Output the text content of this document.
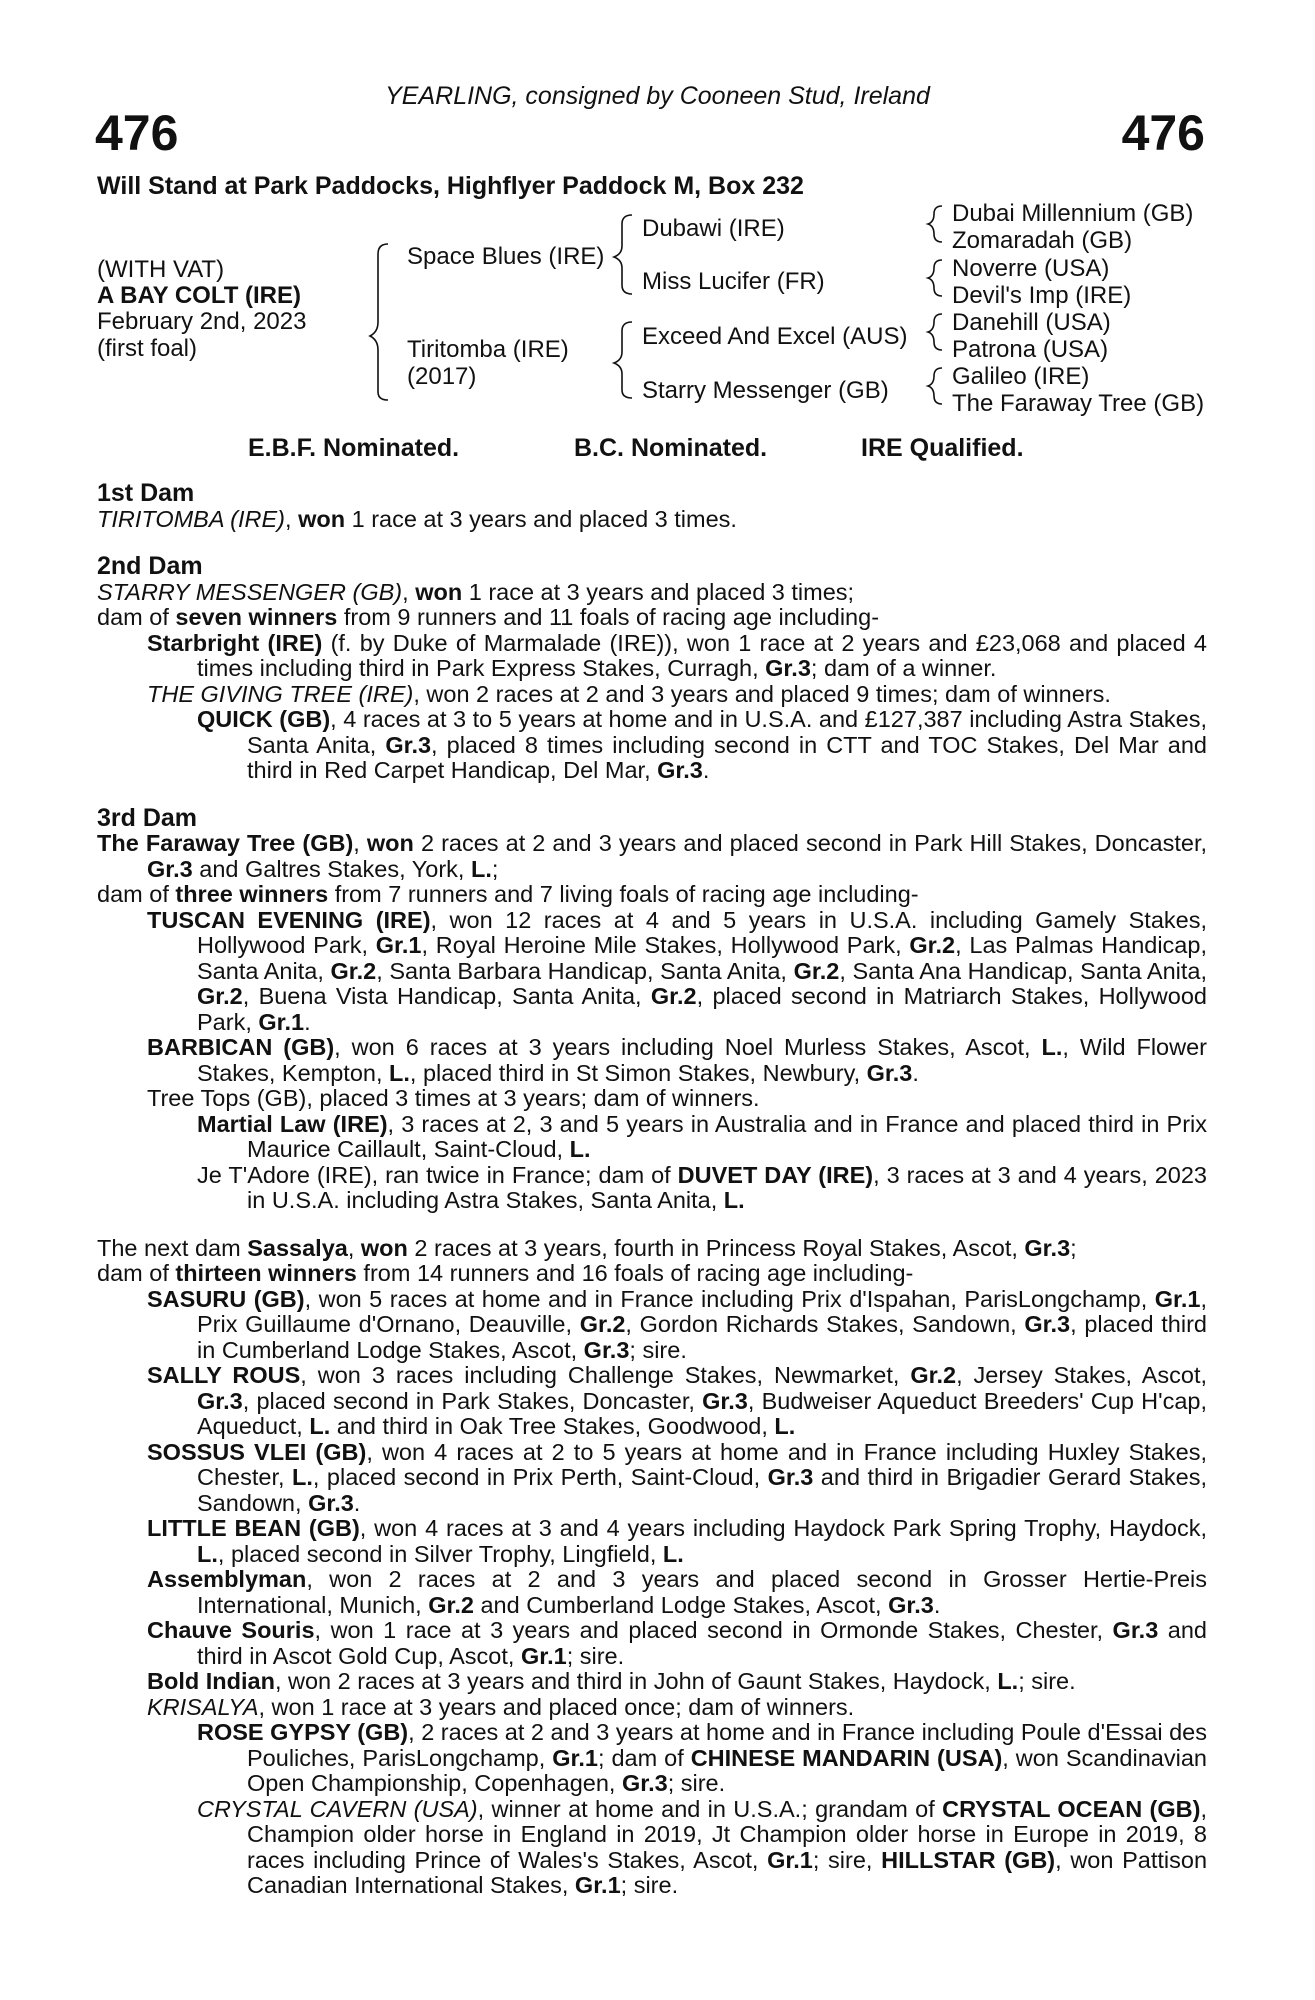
YEARLING, consigned by Cooneen Stud, Ireland
476	476
Will Stand at Park Paddocks, Highflyer Paddock M, Box 232
(WITH VAT)
A BAY COLT (IRE)
February 2nd, 2023
(first foal)
Space Blues (IRE)
Tiritomba (IRE)
(2017)
Dubawi (IRE)
Miss Lucifer (FR)
Exceed And Excel (AUS)
Starry Messenger (GB)
Dubai Millennium (GB)
Zomaradah (GB)
Noverre (USA)
Devil's Imp (IRE)
Danehill (USA)
Patrona (USA)
Galileo (IRE)
The Faraway Tree (GB)
E.B.F. Nominated.	B.C. Nominated.	IRE Qualified.

1st Dam

TIRITOMBA (IRE), won 1 race at 3 years and placed 3 times.

2nd Dam

STARRY MESSENGER (GB), won 1 race at 3 years and placed 3 times;

dam of seven winners from 9 runners and 11 foals of racing age including-

Starbright (IRE) (f. by Duke of Marmalade (IRE)), won 1 race at 2 years and £23,068 and placed 4 times including third in Park Express Stakes, Curragh, Gr.3; dam of a winner.

THE GIVING TREE (IRE), won 2 races at 2 and 3 years and placed 9 times; dam of winners.

QUICK (GB), 4 races at 3 to 5 years at home and in U.S.A. and £127,387 including Astra Stakes, Santa Anita, Gr.3, placed 8 times including second in CTT and TOC Stakes, Del Mar and third in Red Carpet Handicap, Del Mar, Gr.3.

3rd Dam

The Faraway Tree (GB), won 2 races at 2 and 3 years and placed second in Park Hill Stakes, Doncaster, Gr.3 and Galtres Stakes, York, L.;

dam of three winners from 7 runners and 7 living foals of racing age including-

TUSCAN EVENING (IRE), won 12 races at 4 and 5 years in U.S.A. including Gamely Stakes, Hollywood Park, Gr.1, Royal Heroine Mile Stakes, Hollywood Park, Gr.2, Las Palmas Handicap, Santa Anita, Gr.2, Santa Barbara Handicap, Santa Anita, Gr.2, Santa Ana Handicap, Santa Anita, Gr.2, Buena Vista Handicap, Santa Anita, Gr.2, placed second in Matriarch Stakes, Hollywood Park, Gr.1.

BARBICAN (GB), won 6 races at 3 years including Noel Murless Stakes, Ascot, L., Wild Flower Stakes, Kempton, L., placed third in St Simon Stakes, Newbury, Gr.3.

Tree Tops (GB), placed 3 times at 3 years; dam of winners.

Martial Law (IRE), 3 races at 2, 3 and 5 years in Australia and in France and placed third in Prix Maurice Caillault, Saint-Cloud, L.

Je T'Adore (IRE), ran twice in France; dam of DUVET DAY (IRE), 3 races at 3 and 4 years, 2023 in U.S.A. including Astra Stakes, Santa Anita, L.

The next dam Sassalya, won 2 races at 3 years, fourth in Princess Royal Stakes, Ascot, Gr.3;

dam of thirteen winners from 14 runners and 16 foals of racing age including-

SASURU (GB), won 5 races at home and in France including Prix d'Ispahan, ParisLongchamp, Gr.1, Prix Guillaume d'Ornano, Deauville, Gr.2, Gordon Richards Stakes, Sandown, Gr.3, placed third in Cumberland Lodge Stakes, Ascot, Gr.3; sire.

SALLY ROUS, won 3 races including Challenge Stakes, Newmarket, Gr.2, Jersey Stakes, Ascot, Gr.3, placed second in Park Stakes, Doncaster, Gr.3, Budweiser Aqueduct Breeders' Cup H'cap, Aqueduct, L. and third in Oak Tree Stakes, Goodwood, L.

SOSSUS VLEI (GB), won 4 races at 2 to 5 years at home and in France including Huxley Stakes, Chester, L., placed second in Prix Perth, Saint-Cloud, Gr.3 and third in Brigadier Gerard Stakes, Sandown, Gr.3.

LITTLE BEAN (GB), won 4 races at 3 and 4 years including Haydock Park Spring Trophy, Haydock, L., placed second in Silver Trophy, Lingfield, L.

Assemblyman, won 2 races at 2 and 3 years and placed second in Grosser Hertie-Preis International, Munich, Gr.2 and Cumberland Lodge Stakes, Ascot, Gr.3.

Chauve Souris, won 1 race at 3 years and placed second in Ormonde Stakes, Chester, Gr.3 and third in Ascot Gold Cup, Ascot, Gr.1; sire.

Bold Indian, won 2 races at 3 years and third in John of Gaunt Stakes, Haydock, L.; sire.

KRISALYA, won 1 race at 3 years and placed once; dam of winners.

ROSE GYPSY (GB), 2 races at 2 and 3 years at home and in France including Poule d'Essai des Pouliches, ParisLongchamp, Gr.1; dam of CHINESE MANDARIN (USA), won Scandinavian Open Championship, Copenhagen, Gr.3; sire.

CRYSTAL CAVERN (USA), winner at home and in U.S.A.; grandam of CRYSTAL OCEAN (GB), Champion older horse in England in 2019, Jt Champion older horse in Europe in 2019, 8 races including Prince of Wales's Stakes, Ascot, Gr.1; sire, HILLSTAR (GB), won Pattison Canadian International Stakes, Gr.1; sire.
